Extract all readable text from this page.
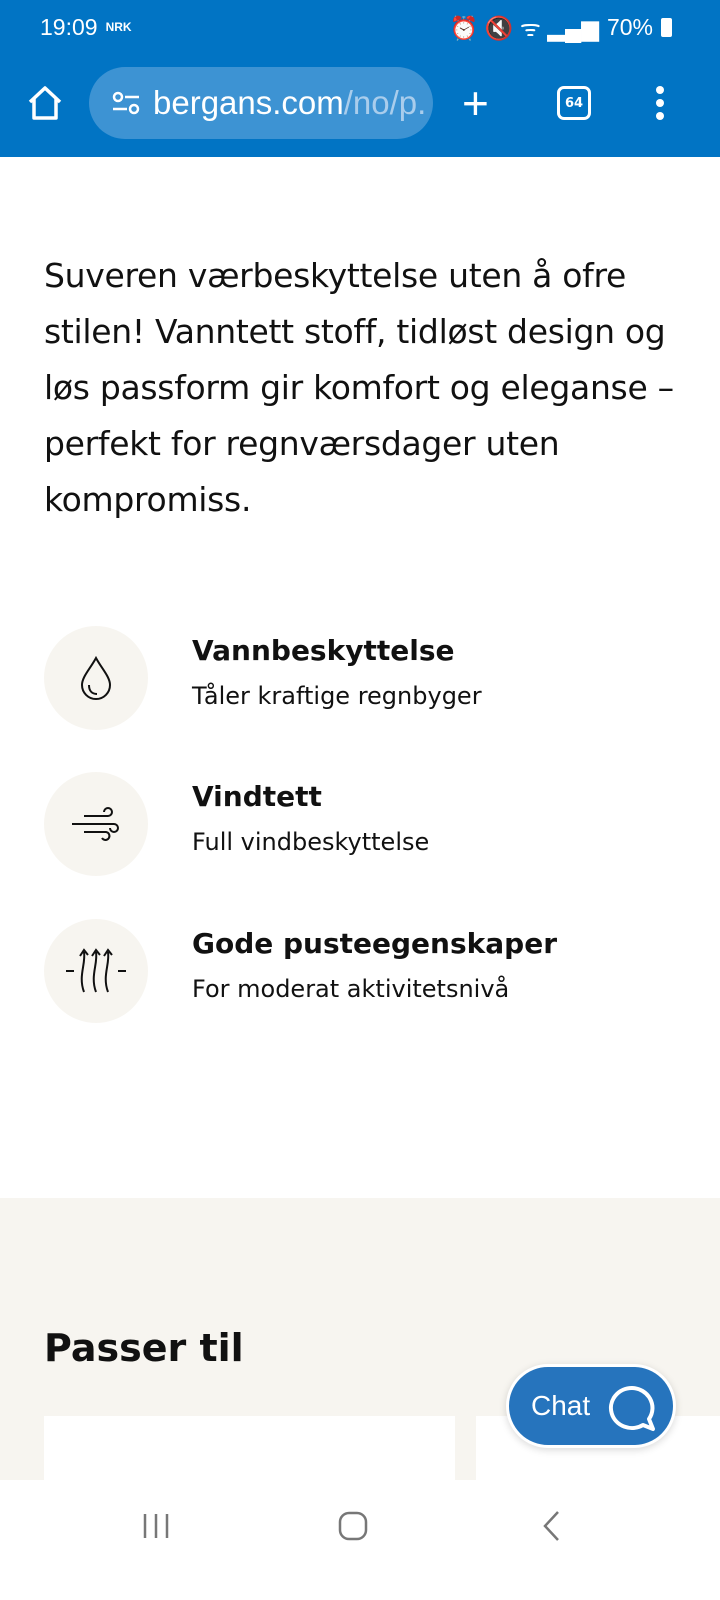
19:09 NRK	⏰ 🔇 ᯤ ▂▄▆ 70%
bergans.com /no/p. +	64

Suveren værbeskyttelse uten å ofre stilen! Vanntett stoff, tidløst design og løs passform gir komfort og eleganse – perfekt for regnværsdager uten kompromiss.

Vannbeskyttelse
Tåler kraftige regnbyger
Vindtett
Full vindbeskyttelse
Gode pusteegenskaper
For moderat aktivitetsnivå
Passer til
Chat
